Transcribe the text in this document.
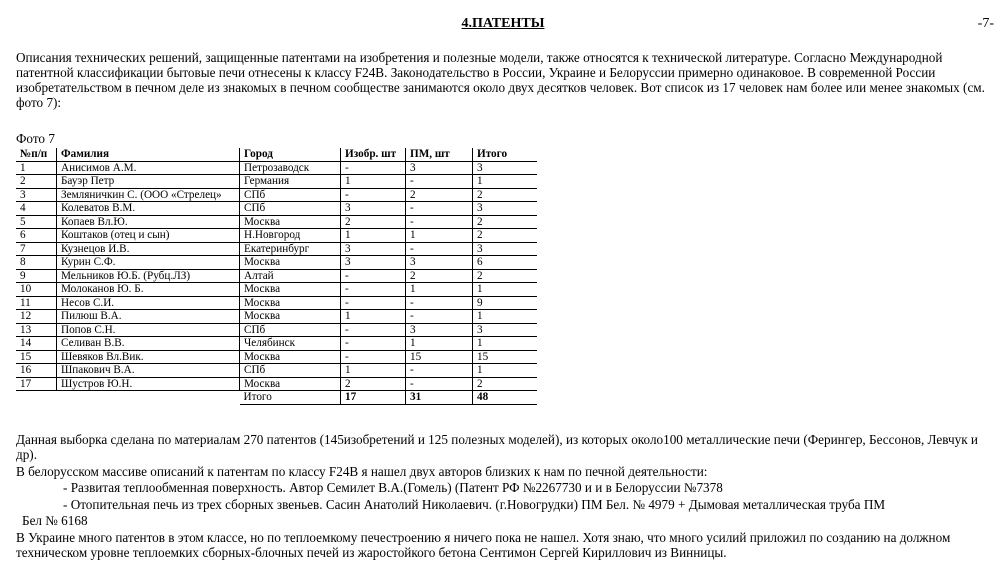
4.ПАТЕНТЫ	-7-
Описания технических решений, защищенные патентами на изобретения и полезные модели, также относятся к технической литературе. Согласно Международной патентной классификации бытовые печи отнесены к классу F24B. Законодательство в России, Украине и Белоруссии примерно одинаковое. В современной России изобретательством в печном деле из знакомых в печном сообществе занимаются около двух десятков человек. Вот список из 17 человек нам более или менее знакомых (см. фото 7):
Фото 7
№п/п	Фамилия	Город	Изобр. шт	ПМ, шт	Итого
1	Анисимов А.М.	Петрозаводск	-	3	3
2	Бауэр Петр	Германия	1	-	1
3	Земляничкин С. (ООО «Стрелец»	СПб	-	2	2
4	Колеватов В.М.	СПб	3	-	3
5	Копаев Вл.Ю.	Москва	2	-	2
6	Коштаков (отец и сын)	Н.Новгород	1	1	2
7	Кузнецов И.В.	Екатеринбург	3	-	3
8	Курин С.Ф.	Москва	3	3	6
9	Мельников Ю.Б. (Рубц.ЛЗ)	Алтай	-	2	2
10	Молоканов Ю. Б.	Москва	-	1	1
11	Несов С.И.	Москва	-	-	9
12	Пилюш В.А.	Москва	1	-	1
13	Попов С.Н.	СПб	-	3	3
14	Селиван В.В.	Челябинск	-	1	1
15	Шевяков Вл.Вик.	Москва	-	15	15
16	Шпакович В.А.	СПб	1	-	1
17	Шустров Ю.Н.	Москва	2	-	2
		Итого	17	31	48
Данная выборка сделана по материалам 270 патентов (145изобретений и 125 полезных моделей), из которых около100 металлические печи (Ферингер, Бессонов, Левчук и др).
В белорусском массиве описаний к патентам по классу F24B я нашел двух авторов близких к нам по печной деятельности:
- Развитая теплообменная поверхность. Автор Семилет В.А.(Гомель) (Патент РФ №2267730 и и в Белоруссии №7378
- Отопительная печь из трех сборных звеньев. Сасин Анатолий Николаевич. (г.Новогрудки) ПМ Бел. № 4979 + Дымовая металлическая труба ПМ
Бел № 6168
В Украине много патентов в этом классе, но по теплоемкому печестроению я ничего пока не нашел. Хотя знаю, что много усилий приложил по созданию на должном техническом уровне теплоемких сборных-блочных печей из жаростойкого бетона Сентимон Сергей Кириллович из Винницы.
